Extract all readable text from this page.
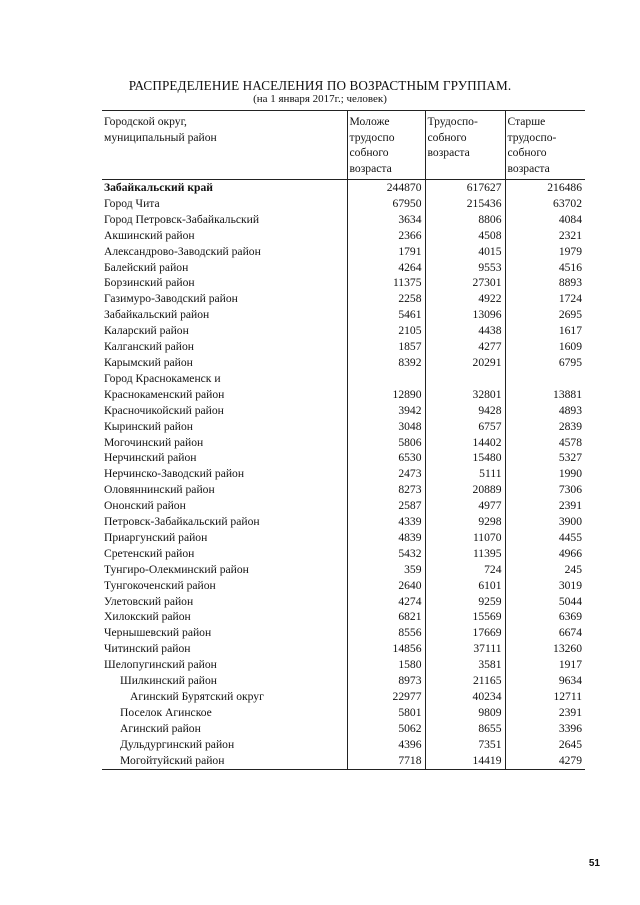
РАСПРЕДЕЛЕНИЕ НАСЕЛЕНИЯ ПО ВОЗРАСТНЫМ ГРУППАМ.
(на 1 января 2017г.; человек)
Городской округ,
муниципальный район	Моложе
трудоспо
собного
возраста	Трудоспо-
собного
возраста	Старше
трудоспо-
собного
возраста
Забайкальский край	244870	617627	216486
Город Чита	67950	215436	63702
Город Петровск-Забайкальский	3634	8806	4084
Акшинский район	2366	4508	2321
Александрово-Заводский район	1791	4015	1979
Балейский район	4264	9553	4516
Борзинский район	11375	27301	8893
Газимуро-Заводский район	2258	4922	1724
Забайкальский район	5461	13096	2695
Каларский район	2105	4438	1617
Калганский район	1857	4277	1609
Карымский район	8392	20291	6795
Город Краснокаменск и			
Краснокаменский район	12890	32801	13881
Красночикойский район	3942	9428	4893
Кыринский район	3048	6757	2839
Могочинский район	5806	14402	4578
Нерчинский район	6530	15480	5327
Нерчинско-Заводский район	2473	5111	1990
Оловяннинский район	8273	20889	7306
Ононский район	2587	4977	2391
Петровск-Забайкальский район	4339	9298	3900
Приаргунский район	4839	11070	4455
Сретенский район	5432	11395	4966
Тунгиро-Олекминский район	359	724	245
Тунгокоченский район	2640	6101	3019
Улетовский район	4274	9259	5044
Хилокский район	6821	15569	6369
Чернышевский район	8556	17669	6674
Читинский район	14856	37111	13260
Шелопугинский район	1580	3581	1917
Шилкинский район	8973	21165	9634
Агинский Бурятский округ	22977	40234	12711
Поселок Агинское	5801	9809	2391
Агинский район	5062	8655	3396
Дульдургинский район	4396	7351	2645
Могойтуйский район	7718	14419	4279
51
